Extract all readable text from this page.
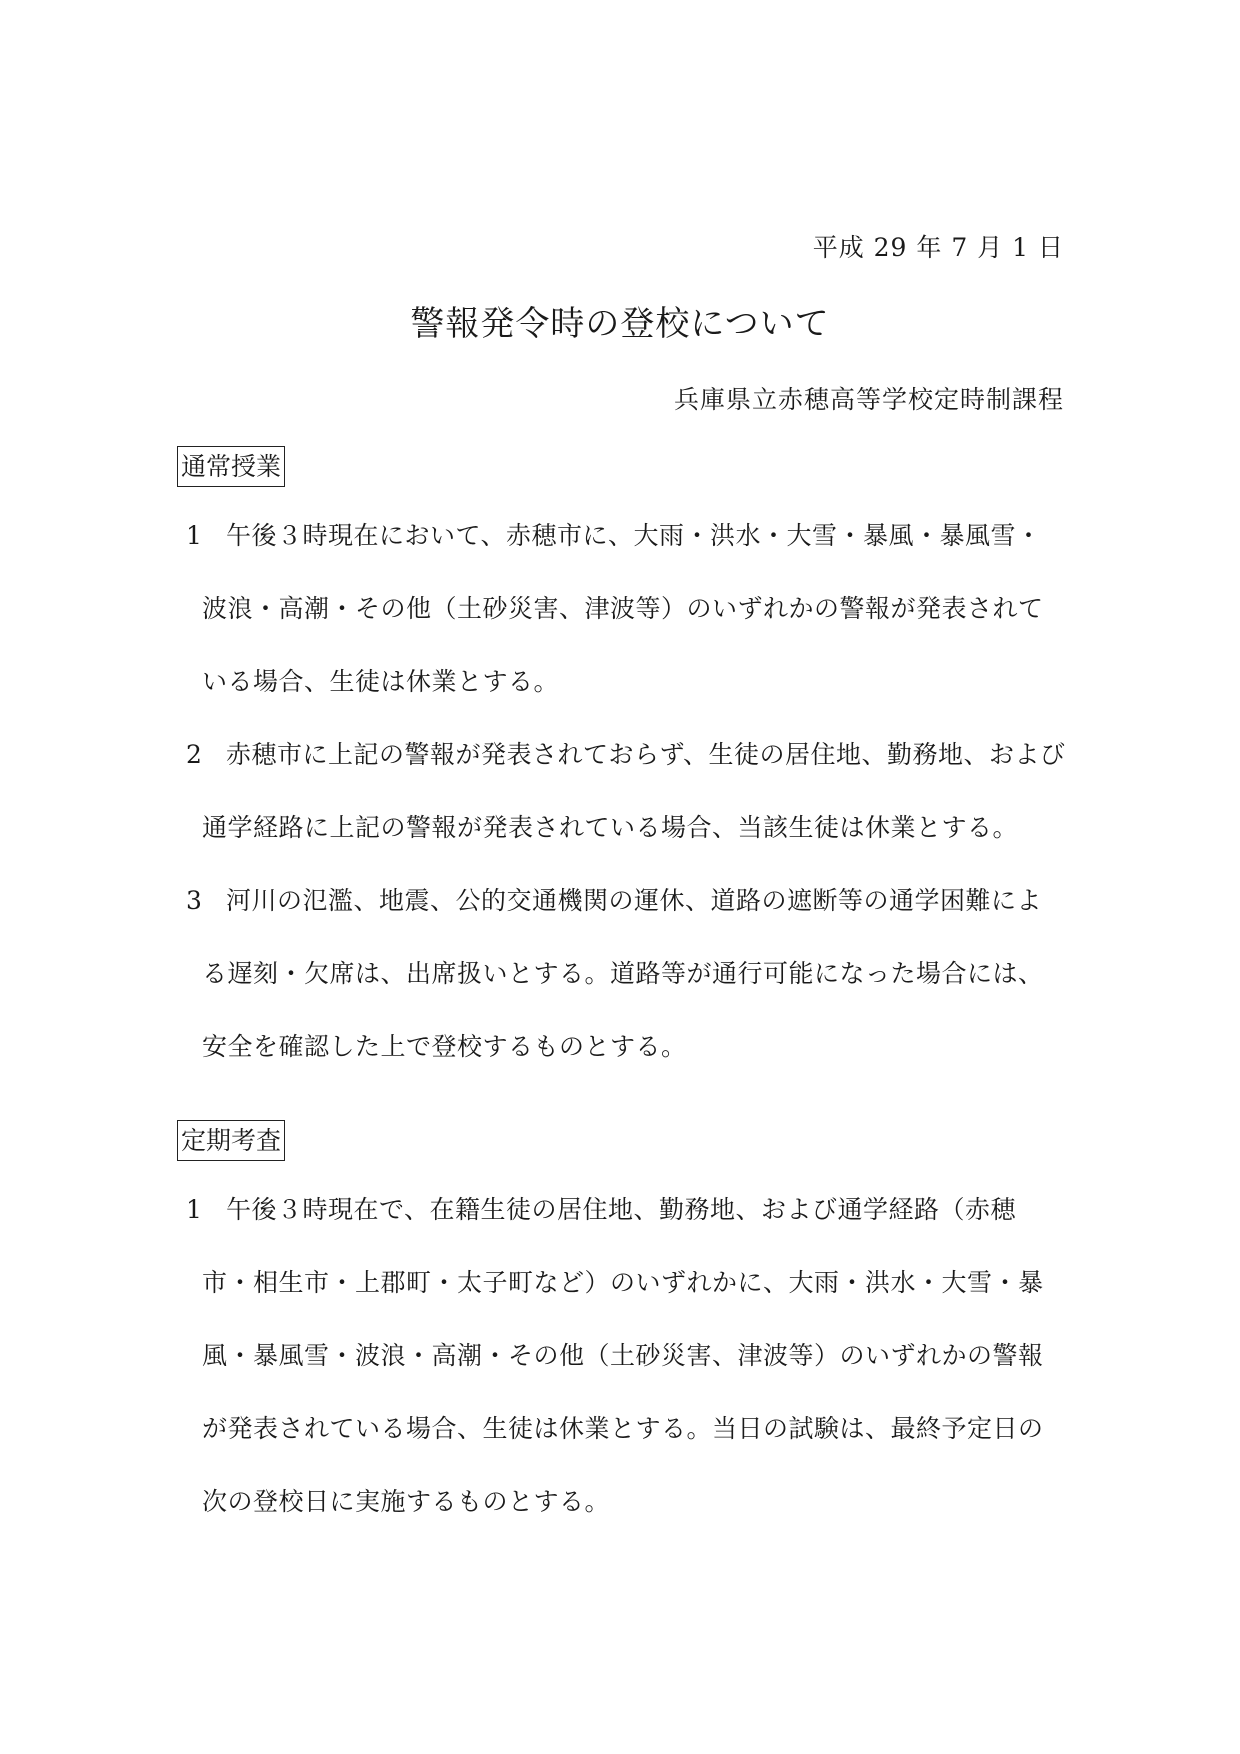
平成 29 年 7 月 1 日
警報発令時の登校について
兵庫県立赤穂高等学校定時制課程
通常授業
1 午後３時現在において、赤穂市に、大雨・洪水・大雪・暴風・暴風雪・波浪・高潮・その他（土砂災害、津波等）のいずれかの警報が発表されている場合、生徒は休業とする。
2 赤穂市に上記の警報が発表されておらず、生徒の居住地、勤務地、および通学経路に上記の警報が発表されている場合、当該生徒は休業とする。
3 河川の氾濫、地震、公的交通機関の運休、道路の遮断等の通学困難による遅刻・欠席は、出席扱いとする。道路等が通行可能になった場合には、安全を確認した上で登校するものとする。
定期考査
1 午後３時現在で、在籍生徒の居住地、勤務地、および通学経路（赤穂市・相生市・上郡町・太子町など）のいずれかに、大雨・洪水・大雪・暴風・暴風雪・波浪・高潮・その他（土砂災害、津波等）のいずれかの警報が発表されている場合、生徒は休業とする。当日の試験は、最終予定日の次の登校日に実施するものとする。
